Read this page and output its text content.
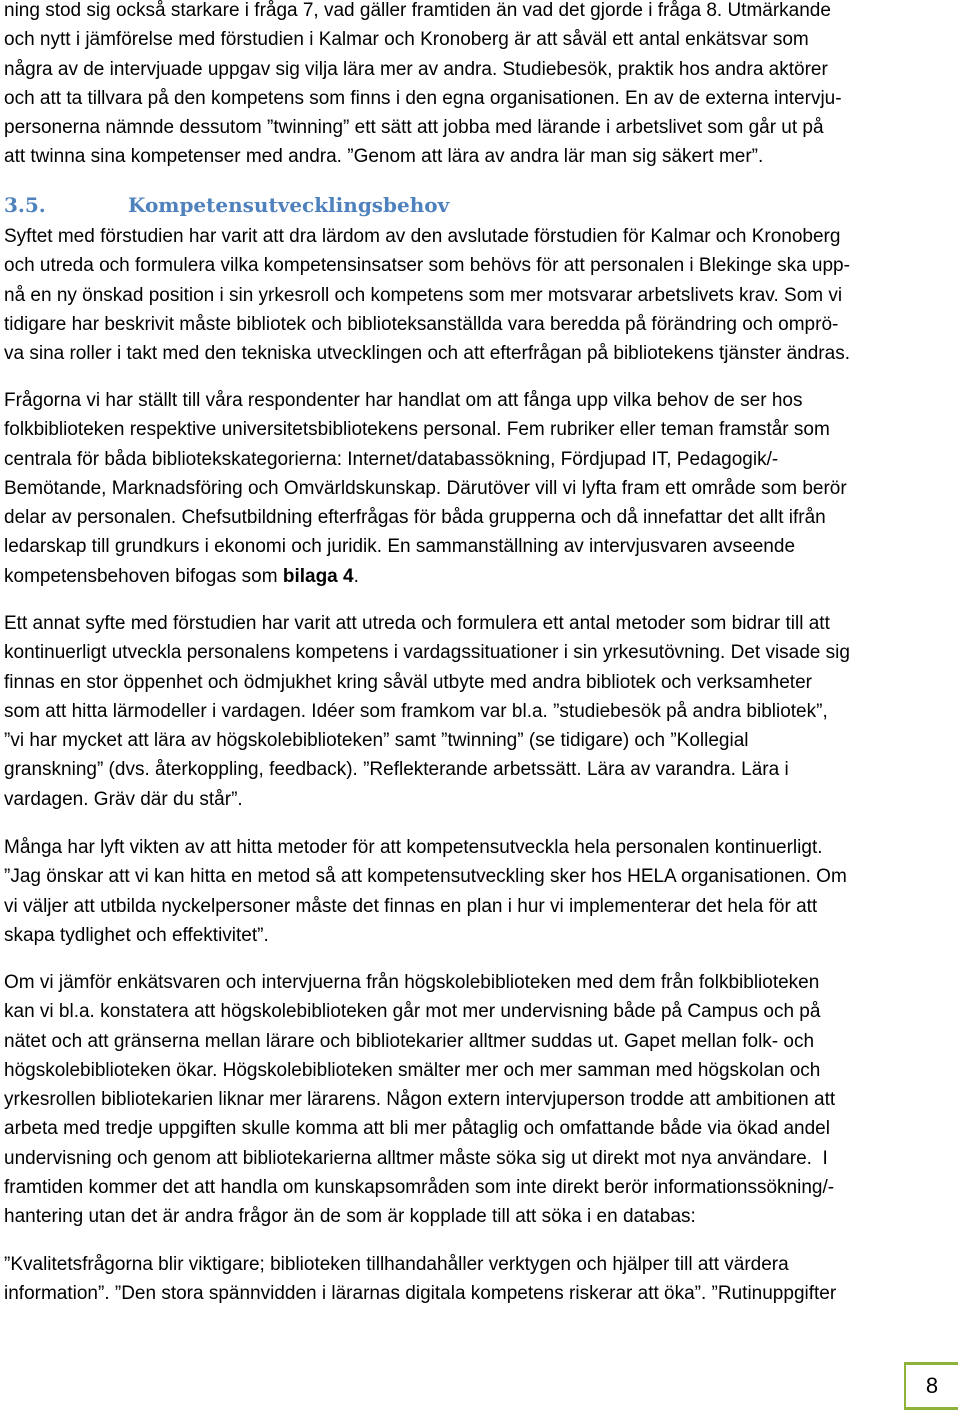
ning stod sig också starkare i fråga 7, vad gäller framtiden än vad det gjorde i fråga 8. Utmärkande
och nytt i jämförelse med förstudien i Kalmar och Kronoberg är att såväl ett antal enkätsvar som
några av de intervjuade uppgav sig vilja lära mer av andra. Studiebesök, praktik hos andra aktörer
och att ta tillvara på den kompetens som finns i den egna organisationen. En av de externa intervju-
personerna nämnde dessutom ”twinning” ett sätt att jobba med lärande i arbetslivet som går ut på
att twinna sina kompetenser med andra. ”Genom att lära av andra lär man sig säkert mer”.
3.5.	Kompetensutvecklingsbehov
Syftet med förstudien har varit att dra lärdom av den avslutade förstudien för Kalmar och Kronoberg
och utreda och formulera vilka kompetensinsatser som behövs för att personalen i Blekinge ska upp-
nå en ny önskad position i sin yrkesroll och kompetens som mer motsvarar arbetslivets krav. Som vi
tidigare har beskrivit måste bibliotek och biblioteksanställda vara beredda på förändring och omprö-
va sina roller i takt med den tekniska utvecklingen och att efterfrågan på bibliotekens tjänster ändras.
Frågorna vi har ställt till våra respondenter har handlat om att fånga upp vilka behov de ser hos
folkbiblioteken respektive universitetsbibliotekens personal. Fem rubriker eller teman framstår som
centrala för båda bibliotekskategorierna: Internet/databassökning, Fördjupad IT, Pedagogik/-
Bemötande, Marknadsföring och Omvärldskunskap. Därutöver vill vi lyfta fram ett område som berör
delar av personalen. Chefsutbildning efterfrågas för båda grupperna och då innefattar det allt ifrån
ledarskap till grundkurs i ekonomi och juridik. En sammanställning av intervjusvaren avseende
kompetensbehoven bifogas som bilaga 4.
Ett annat syfte med förstudien har varit att utreda och formulera ett antal metoder som bidrar till att
kontinuerligt utveckla personalens kompetens i vardagssituationer i sin yrkesutövning. Det visade sig
finnas en stor öppenhet och ödmjukhet kring såväl utbyte med andra bibliotek och verksamheter
som att hitta lärmodeller i vardagen. Idéer som framkom var bl.a. ”studiebesök på andra bibliotek”,
”vi har mycket att lära av högskolebiblioteken” samt ”twinning” (se tidigare) och ”Kollegial
granskning” (dvs. återkoppling, feedback). ”Reflekterande arbetssätt. Lära av varandra. Lära i
vardagen. Gräv där du står”.
Många har lyft vikten av att hitta metoder för att kompetensutveckla hela personalen kontinuerligt.
”Jag önskar att vi kan hitta en metod så att kompetensutveckling sker hos HELA organisationen. Om
vi väljer att utbilda nyckelpersoner måste det finnas en plan i hur vi implementerar det hela för att
skapa tydlighet och effektivitet”.
Om vi jämför enkätsvaren och intervjuerna från högskolebiblioteken med dem från folkbiblioteken
kan vi bl.a. konstatera att högskolebiblioteken går mot mer undervisning både på Campus och på
nätet och att gränserna mellan lärare och bibliotekarier alltmer suddas ut. Gapet mellan folk- och
högskolebiblioteken ökar. Högskolebiblioteken smälter mer och mer samman med högskolan och
yrkesrollen bibliotekarien liknar mer lärarens. Någon extern intervjuperson trodde att ambitionen att
arbeta med tredje uppgiften skulle komma att bli mer påtaglig och omfattande både via ökad andel
undervisning och genom att bibliotekarierna alltmer måste söka sig ut direkt mot nya användare.  I
framtiden kommer det att handla om kunskapsområden som inte direkt berör informationssökning/-
hantering utan det är andra frågor än de som är kopplade till att söka i en databas:
”Kvalitetsfrågorna blir viktigare; biblioteken tillhandahåller verktygen och hjälper till att värdera
information”. ”Den stora spännvidden i lärarnas digitala kompetens riskerar att öka”. ”Rutinuppgifter
8
